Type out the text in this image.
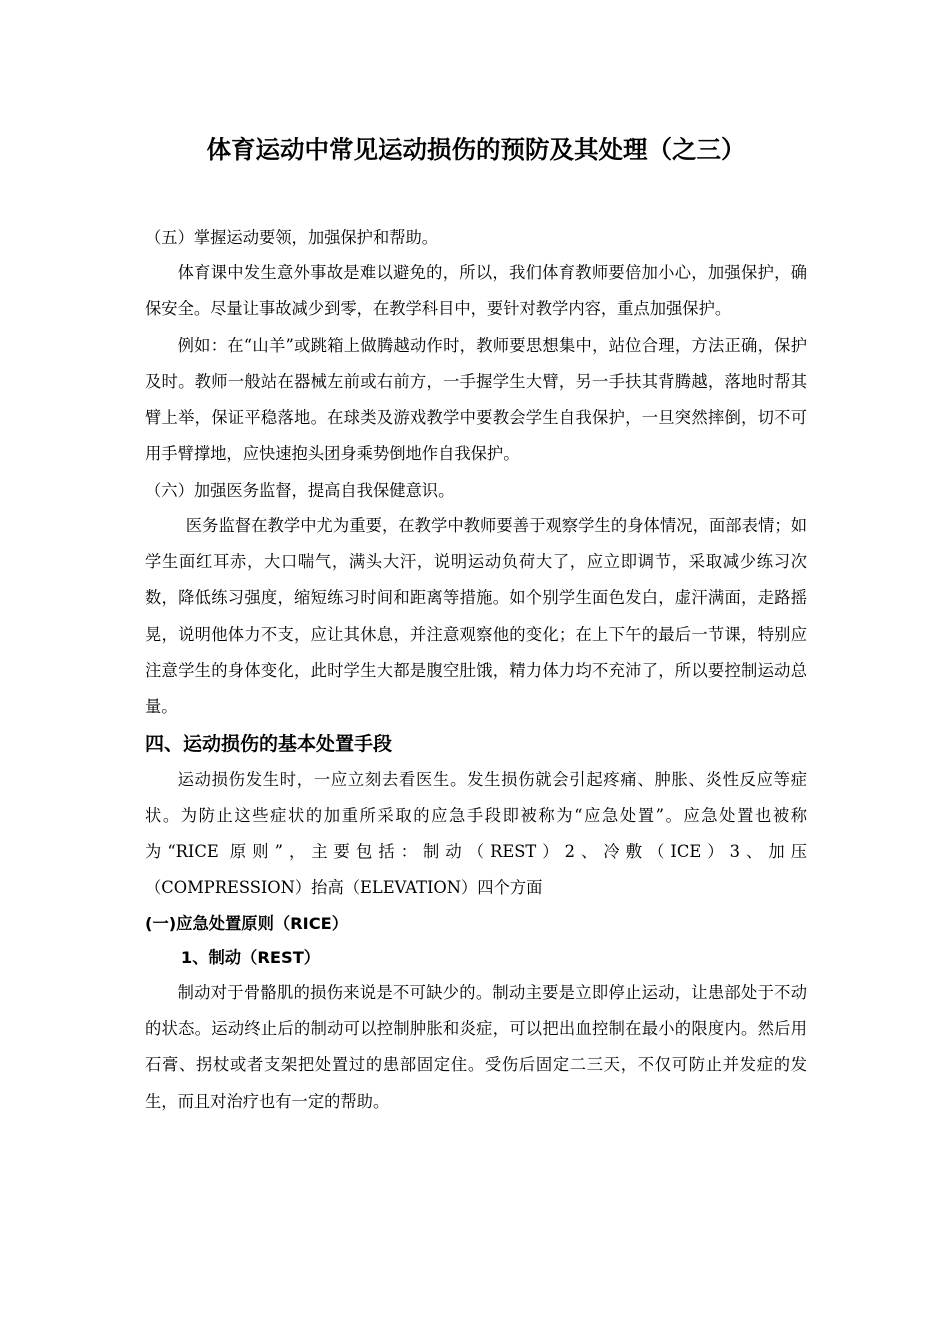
体育运动中常见运动损伤的预防及其处理（之三）

（五）掌握运动要领，加强保护和帮助。

体育课中发生意外事故是难以避免的，所以，我们体育教师要倍加小心，加强保护，确保安全。尽量让事故减少到零，在教学科目中，要针对教学内容，重点加强保护。

例如：在“山羊”或跳箱上做腾越动作时，教师要思想集中，站位合理，方法正确，保护及时。教师一般站在器械左前或右前方，一手握学生大臂，另一手扶其背腾越，落地时帮其臂上举，保证平稳落地。在球类及游戏教学中要教会学生自我保护，一旦突然摔倒，切不可用手臂撑地，应快速抱头团身乘势倒地作自我保护。

（六）加强医务监督，提高自我保健意识。

医务监督在教学中尤为重要，在教学中教师要善于观察学生的身体情况，面部表情；如学生面红耳赤，大口喘气，满头大汗，说明运动负荷大了，应立即调节，采取减少练习次数，降低练习强度，缩短练习时间和距离等措施。如个别学生面色发白，虚汗满面，走路摇晃，说明他体力不支，应让其休息，并注意观察他的变化；在上下午的最后一节课，特别应注意学生的身体变化，此时学生大都是腹空肚饿，精力体力均不充沛了，所以要控制运动总量。

四、运动损伤的基本处置手段

运动损伤发生时，一应立刻去看医生。发生损伤就会引起疼痛、肿胀、炎性反应等症状。为防止这些症状的加重所采取的应急手段即被称为“应急处置”。应急处置也被称为“RICE 原则”，主要包括：制动（REST）2、冷敷（ICE）3、加压（COMPRESSION）抬高（ELEVATION）四个方面

(一)应急处置原则（RICE）
1、制动（REST）

制动对于骨骼肌的损伤来说是不可缺少的。制动主要是立即停止运动，让患部处于不动的状态。运动终止后的制动可以控制肿胀和炎症，可以把出血控制在最小的限度内。然后用石膏、拐杖或者支架把处置过的患部固定住。受伤后固定二三天，不仅可防止并发症的发生，而且对治疗也有一定的帮助。
